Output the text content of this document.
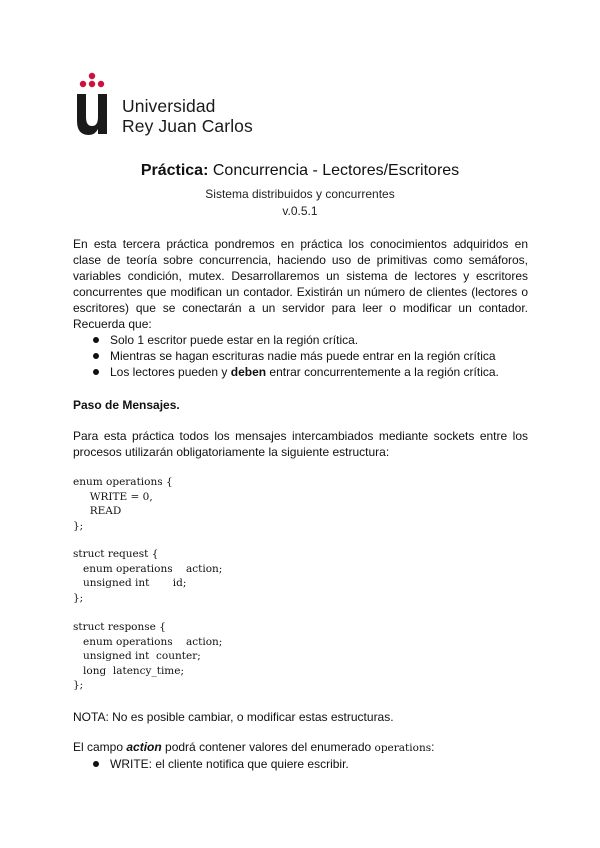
Universidad
Rey Juan Carlos
Práctica: Concurrencia - Lectores/Escritores
Sistema distribuidos y concurrentes
v.0.5.1

En esta tercera práctica pondremos en práctica los conocimientos adquiridos en clase de teoría sobre concurrencia, haciendo uso de primitivas como semáforos, variables condición, mutex. Desarrollaremos un sistema de lectores y escritores concurrentes que modifican un contador. Existirán un número de clientes (lectores o escritores) que se conectarán a un servidor para leer o modificar un contador. Recuerda que:

Solo 1 escritor puede estar en la región crítica.
Mientras se hagan escrituras nadie más puede entrar en la región crítica
Los lectores pueden y deben entrar concurrentemente a la región crítica.
Paso de Mensajes.

Para esta práctica todos los mensajes intercambiados mediante sockets entre los procesos utilizarán obligatoriamente la siguiente estructura:

enum operations {
WRITE = 0,
READ
};
struct request {
enum operations    action;
unsigned int       id;
};
struct response {
enum operations    action;
unsigned int  counter;
long  latency_time;
};
NOTA: No es posible cambiar, o modificar estas estructuras.
El campo action podrá contener valores del enumerado operations:
WRITE: el cliente notifica que quiere escribir.
